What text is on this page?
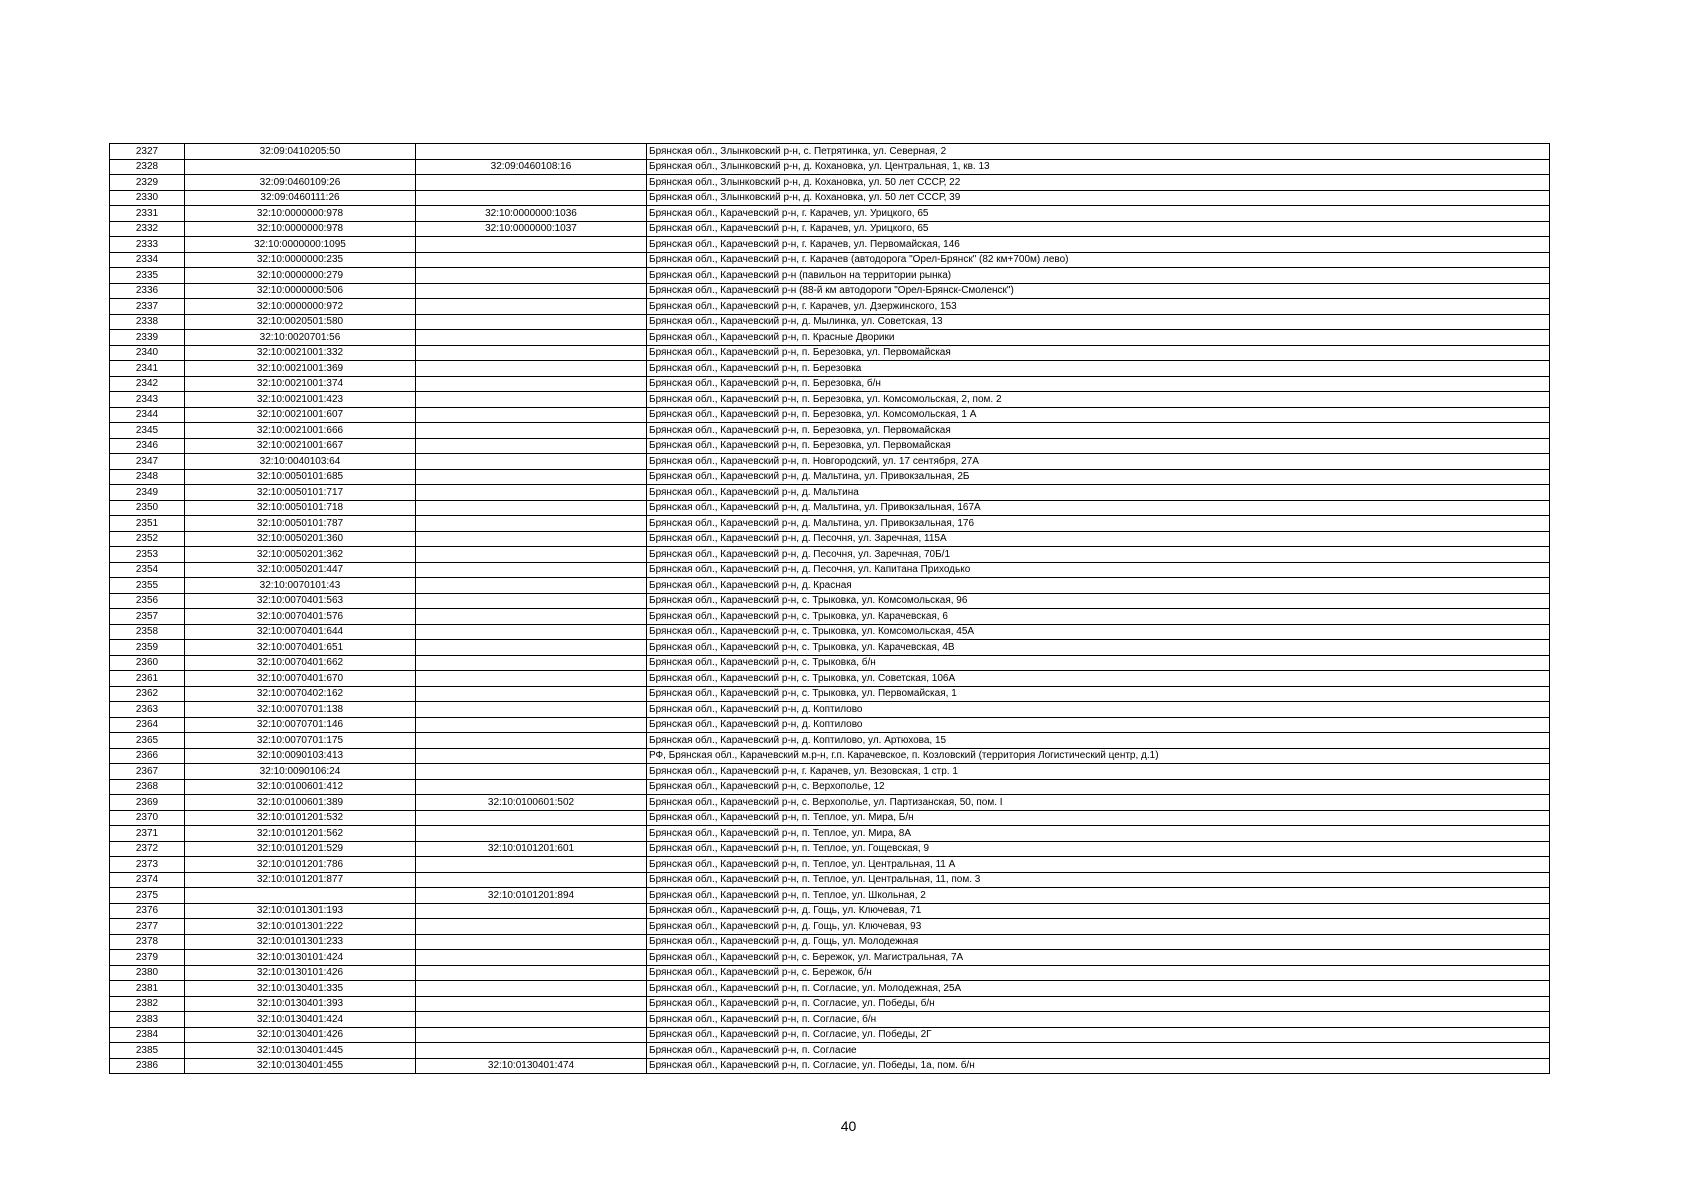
2327	32:09:0410205:50		Брянская обл., Злынковский р-н, с. Петрятинка, ул. Северная, 2
2328		32:09:0460108:16	Брянская обл., Злынковский р-н, д. Кохановка, ул. Центральная, 1, кв. 13
2329	32:09:0460109:26		Брянская обл., Злынковский р-н, д. Кохановка, ул. 50 лет СССР, 22
2330	32:09:0460111:26		Брянская обл., Злынковский р-н, д. Кохановка, ул. 50 лет СССР, 39
2331	32:10:0000000:978	32:10:0000000:1036	Брянская обл., Карачевский р-н, г. Карачев, ул. Урицкого, 65
2332	32:10:0000000:978	32:10:0000000:1037	Брянская обл., Карачевский р-н, г. Карачев, ул. Урицкого, 65
2333	32:10:0000000:1095		Брянская обл., Карачевский р-н, г. Карачев, ул. Первомайская, 146
2334	32:10:0000000:235		Брянская обл., Карачевский р-н, г. Карачев (автодорога "Орел-Брянск" (82 км+700м) лево)
2335	32:10:0000000:279		Брянская обл., Карачевский р-н (павильон на территории рынка)
2336	32:10:0000000:506		Брянская обл., Карачевский р-н (88-й км автодороги "Орел-Брянск-Смоленск")
2337	32:10:0000000:972		Брянская обл., Карачевский р-н, г. Карачев, ул. Дзержинского, 153
2338	32:10:0020501:580		Брянская обл., Карачевский р-н, д. Мылинка, ул. Советская, 13
2339	32:10:0020701:56		Брянская обл., Карачевский р-н, п. Красные Дворики
2340	32:10:0021001:332		Брянская обл., Карачевский р-н, п. Березовка, ул. Первомайская
2341	32:10:0021001:369		Брянская обл., Карачевский р-н, п. Березовка
2342	32:10:0021001:374		Брянская обл., Карачевский р-н, п. Березовка, б/н
2343	32:10:0021001:423		Брянская обл., Карачевский р-н, п. Березовка, ул. Комсомольская, 2, пом. 2
2344	32:10:0021001:607		Брянская обл., Карачевский р-н, п. Березовка, ул. Комсомольская, 1 А
2345	32:10:0021001:666		Брянская обл., Карачевский р-н, п. Березовка, ул. Первомайская
2346	32:10:0021001:667		Брянская обл., Карачевский р-н, п. Березовка, ул. Первомайская
2347	32:10:0040103:64		Брянская обл., Карачевский р-н, п. Новгородский, ул. 17 сентября, 27А
2348	32:10:0050101:685		Брянская обл., Карачевский р-н, д. Мальтина, ул. Привокзальная, 2Б
2349	32:10:0050101:717		Брянская обл., Карачевский р-н, д. Мальтина
2350	32:10:0050101:718		Брянская обл., Карачевский р-н, д. Мальтина, ул. Привокзальная, 167А
2351	32:10:0050101:787		Брянская обл., Карачевский р-н, д. Мальтина, ул. Привокзальная, 176
2352	32:10:0050201:360		Брянская обл., Карачевский р-н, д. Песочня, ул. Заречная, 115А
2353	32:10:0050201:362		Брянская обл., Карачевский р-н, д. Песочня, ул. Заречная, 70Б/1
2354	32:10:0050201:447		Брянская обл., Карачевский р-н, д. Песочня, ул. Капитана Приходько
2355	32:10:0070101:43		Брянская обл., Карачевский р-н, д. Красная
2356	32:10:0070401:563		Брянская обл., Карачевский р-н, с. Трыковка, ул. Комсомольская, 96
2357	32:10:0070401:576		Брянская обл., Карачевский р-н, с. Трыковка, ул. Карачевская, 6
2358	32:10:0070401:644		Брянская обл., Карачевский р-н, с. Трыковка, ул. Комсомольская, 45А
2359	32:10:0070401:651		Брянская обл., Карачевский р-н, с. Трыковка, ул. Карачевская, 4В
2360	32:10:0070401:662		Брянская обл., Карачевский р-н, с. Трыковка, б/н
2361	32:10:0070401:670		Брянская обл., Карачевский р-н, с. Трыковка, ул. Советская, 106А
2362	32:10:0070402:162		Брянская обл., Карачевский р-н, с. Трыковка, ул. Первомайская, 1
2363	32:10:0070701:138		Брянская обл., Карачевский р-н, д. Коптилово
2364	32:10:0070701:146		Брянская обл., Карачевский р-н, д. Коптилово
2365	32:10:0070701:175		Брянская обл., Карачевский р-н, д. Коптилово, ул. Артюхова, 15
2366	32:10:0090103:413		РФ, Брянская обл., Карачевский м.р-н, г.п. Карачевское, п. Козловский (территория Логистический центр, д.1)
2367	32:10:0090106:24		Брянская обл., Карачевский р-н, г. Карачев, ул. Везовская, 1 стр. 1
2368	32:10:0100601:412		Брянская обл., Карачевский р-н, с. Верхополье, 12
2369	32:10:0100601:389	32:10:0100601:502	Брянская обл., Карачевский р-н, с. Верхополье, ул. Партизанская, 50, пом. I
2370	32:10:0101201:532		Брянская обл., Карачевский р-н, п. Теплое, ул. Мира, Б/н
2371	32:10:0101201:562		Брянская обл., Карачевский р-н, п. Теплое, ул. Мира, 8А
2372	32:10:0101201:529	32:10:0101201:601	Брянская обл., Карачевский р-н, п. Теплое, ул. Гощевская, 9
2373	32:10:0101201:786		Брянская обл., Карачевский р-н, п. Теплое, ул. Центральная, 11 А
2374	32:10:0101201:877		Брянская обл., Карачевский р-н, п. Теплое, ул. Центральная, 11, пом. 3
2375		32:10:0101201:894	Брянская обл., Карачевский р-н, п. Теплое, ул. Школьная, 2
2376	32:10:0101301:193		Брянская обл., Карачевский р-н, д. Гощь, ул. Ключевая, 71
2377	32:10:0101301:222		Брянская обл., Карачевский р-н, д. Гощь, ул. Ключевая, 93
2378	32:10:0101301:233		Брянская обл., Карачевский р-н, д. Гощь, ул. Молодежная
2379	32:10:0130101:424		Брянская обл., Карачевский р-н, с. Бережок, ул. Магистральная, 7А
2380	32:10:0130101:426		Брянская обл., Карачевский р-н, с. Бережок, б/н
2381	32:10:0130401:335		Брянская обл., Карачевский р-н, п. Согласие, ул. Молодежная, 25А
2382	32:10:0130401:393		Брянская обл., Карачевский р-н, п. Согласие, ул. Победы, б/н
2383	32:10:0130401:424		Брянская обл., Карачевский р-н, п. Согласие, б/н
2384	32:10:0130401:426		Брянская обл., Карачевский р-н, п. Согласие, ул. Победы, 2Г
2385	32:10:0130401:445		Брянская обл., Карачевский р-н, п. Согласие
2386	32:10:0130401:455	32:10:0130401:474	Брянская обл., Карачевский р-н, п. Согласие, ул. Победы, 1а, пом. б/н
40
